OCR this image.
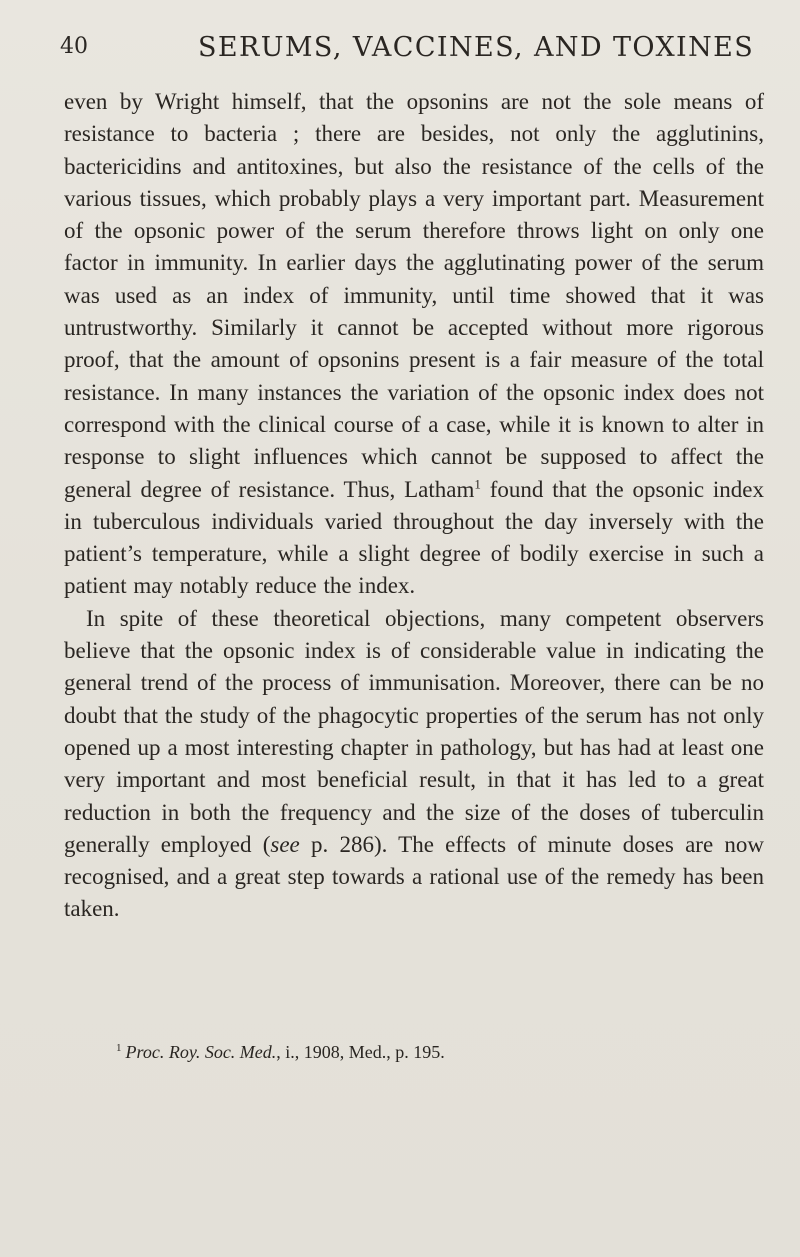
40	SERUMS, VACCINES, AND TOXINES

even by Wright himself, that the opsonins are not the sole means of resistance to bacteria ; there are besides, not only the agglutinins, bactericidins and antitoxines, but also the resistance of the cells of the various tissues, which probably plays a very important part. Measurement of the opsonic power of the serum therefore throws light on only one factor in immunity. In earlier days the agglutinating power of the serum was used as an index of immunity, until time showed that it was untrustworthy. Similarly it cannot be accepted without more rigorous proof, that the amount of opsonins present is a fair measure of the total resistance. In many instances the variation of the opsonic index does not correspond with the clinical course of a case, while it is known to alter in response to slight influences which cannot be supposed to affect the general degree of resistance. Thus, Latham$^1$ found that the opsonic index in tuberculous individuals varied throughout the day inversely with the patient’s temperature, while a slight degree of bodily exercise in such a patient may notably reduce the index.

In spite of these theoretical objections, many competent observers believe that the opsonic index is of considerable value in indicating the general trend of the process of immunisation. Moreover, there can be no doubt that the study of the phagocytic properties of the serum has not only opened up a most interesting chapter in pathology, but has had at least one very important and most beneficial result, in that it has led to a great reduction in both the frequency and the size of the doses of tuberculin generally employed (see p. 286). The effects of minute doses are now recognised, and a great step towards a rational use of the remedy has been taken.

$^1$ Proc. Roy. Soc. Med., i., 1908, Med., p. 195.
